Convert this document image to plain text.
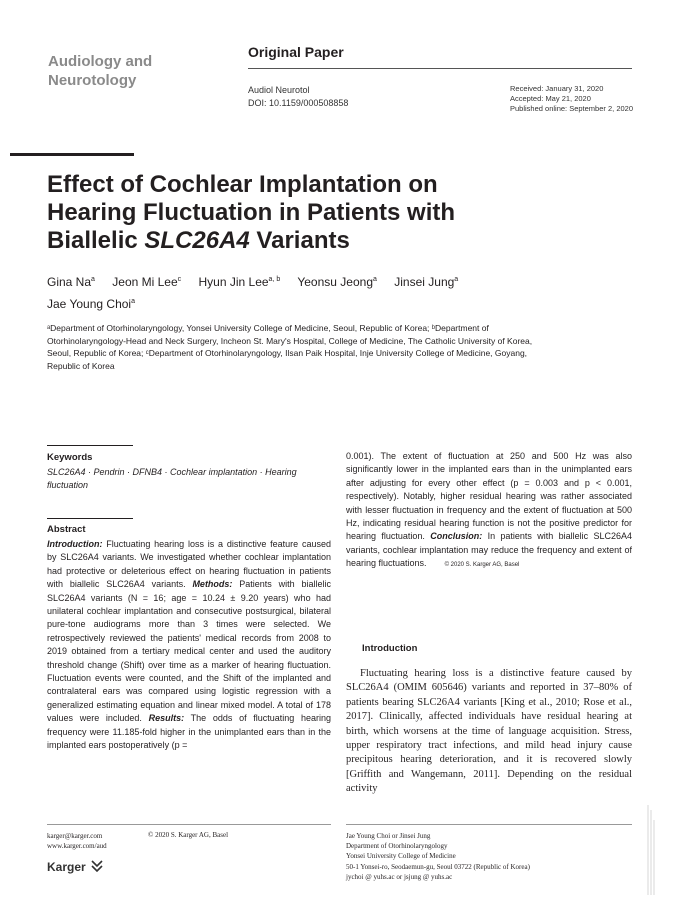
Audiology and
Neurotology
Original Paper
Audiol Neurotol
DOI: 10.1159/000508858
Received: January 31, 2020
Accepted: May 21, 2020
Published online: September 2, 2020
Effect of Cochlear Implantation on
Hearing Fluctuation in Patients with
Biallelic SLC26A4 Variants
Gina Na$^a$ Jeon Mi Lee$^c$ Hyun Jin Lee$^{a, b}$ Yeonsu Jeong$^a$ Jinsei Jung$^a$
Jae Young Choi$^a$
ᵃDepartment of Otorhinolaryngology, Yonsei University College of Medicine, Seoul, Republic of Korea; ᵇDepartment of Otorhinolaryngology-Head and Neck Surgery, Incheon St. Mary's Hospital, College of Medicine, The Catholic University of Korea, Seoul, Republic of Korea; ᶜDepartment of Otorhinolaryngology, Ilsan Paik Hospital, Inje University College of Medicine, Goyang, Republic of Korea
Keywords
SLC26A4 · Pendrin · DFNB4 · Cochlear implantation · Hearing fluctuation
Abstract
Introduction: Fluctuating hearing loss is a distinctive feature caused by SLC26A4 variants. We investigated whether cochlear implantation had protective or deleterious effect on hearing fluctuation in patients with biallelic SLC26A4 variants. Methods: Patients with biallelic SLC26A4 variants (N = 16; age = 10.24 ± 9.20 years) who had unilateral cochlear implantation and consecutive postsurgical, bilateral pure-tone audiograms more than 3 times were selected. We retrospectively reviewed the patients' medical records from 2008 to 2019 obtained from a tertiary medical center and used the auditory threshold change (Shift) over time as a marker of hearing fluctuation. Fluctuation events were counted, and the Shift of the implanted and contralateral ears was compared using logistic regression with a generalized estimating equation and linear mixed model. A total of 178 values were included. Results: The odds of fluctuating hearing frequency were 11.185-fold higher in the unimplanted ears than in the implanted ears postoperatively (p =
0.001). The extent of fluctuation at 250 and 500 Hz was also significantly lower in the implanted ears than in the unimplanted ears after adjusting for every other effect (p = 0.003 and p < 0.001, respectively). Notably, higher residual hearing was rather associated with lesser fluctuation in frequency and the extent of fluctuation at 500 Hz, indicating residual hearing function is not the positive predictor for hearing fluctuation. Conclusion: In patients with biallelic SLC26A4 variants, cochlear implantation may reduce the frequency and extent of hearing fluctuations.	© 2020 S. Karger AG, Basel
Introduction
Fluctuating hearing loss is a distinctive feature caused by SLC26A4 (OMIM 605646) variants and reported in 37–80% of patients bearing SLC26A4 variants [King et al., 2010; Rose et al., 2017]. Clinically, affected individuals have residual hearing at birth, which worsens at the time of language acquisition. Stress, upper respiratory tract infections, and mild head injury cause precipitous hearing deterioration, and it is recovered slowly [Griffith and Wangemann, 2011]. Depending on the residual activity
karger@karger.com
www.karger.com/aud
© 2020 S. Karger AG, Basel
Karger
Jae Young Choi or Jinsei Jung
Department of Otorhinolaryngology
Yonsei University College of Medicine
50-1 Yonsei-ro, Seodaemun-gu, Seoul 03722 (Republic of Korea)
jychoi @ yuhs.ac or jsjung @ yuhs.ac
